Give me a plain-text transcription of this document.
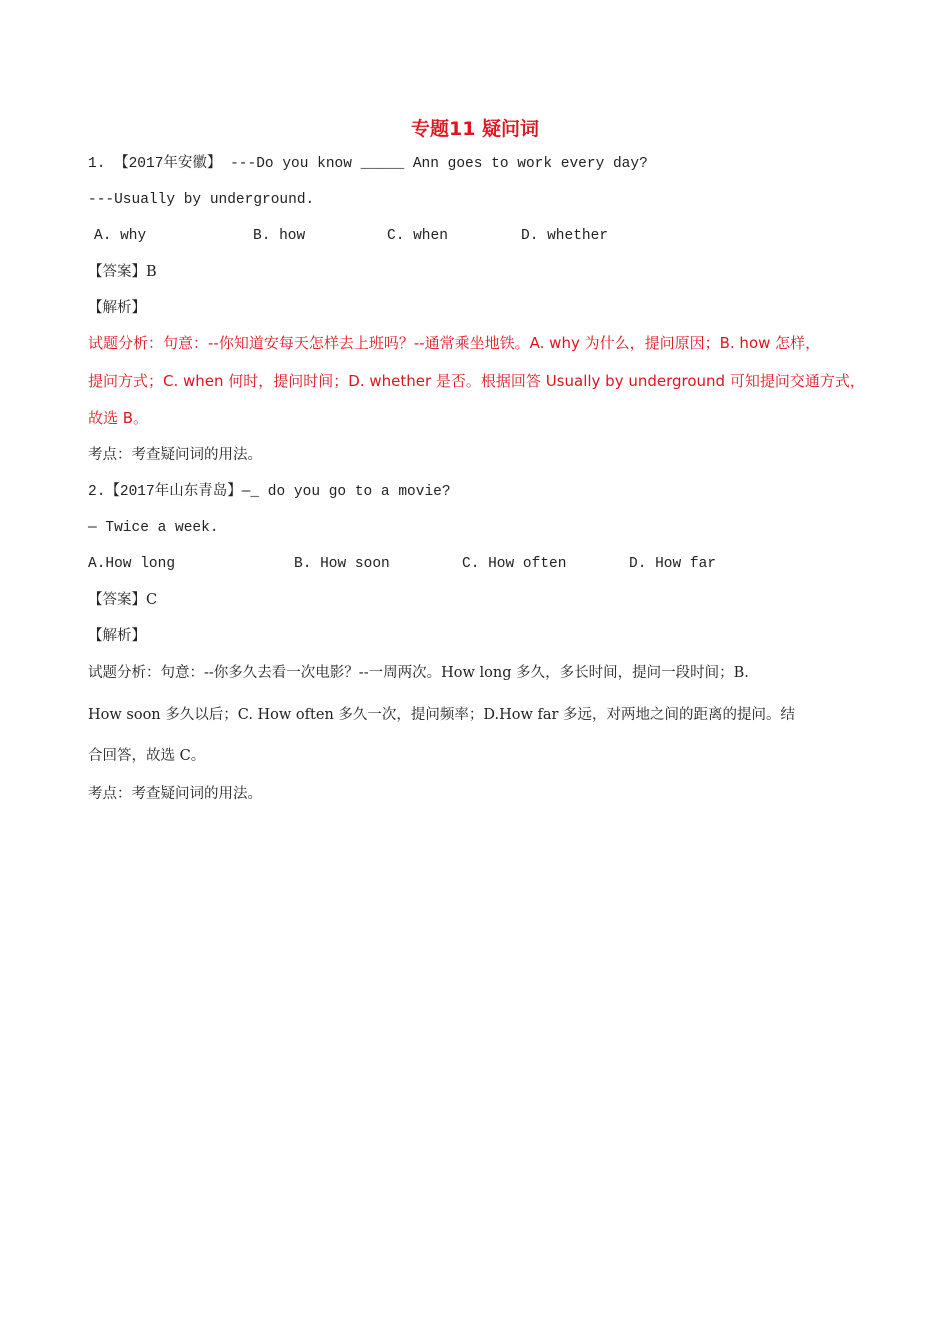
专题11 疑问词
1. 【2017年安徽】 ---Do you know _____ Ann goes to work every day?
---Usually by underground.
A. why	B. how	C. when	D. whether
【答案】B
【解析】
试题分析：句意：--你知道安每天怎样去上班吗？--通常乘坐地铁。A. why 为什么，提问原因；B. how 怎样，
提问方式；C. when 何时，提问时间；D. whether 是否。根据回答 Usually by underground 可知提问交通方式，
故选 B。
考点：考查疑问词的用法。
2.【2017年山东青岛】—_ do you go to a movie?
— Twice a week.
A.How long	B. How soon	C. How often	D. How far
【答案】C
【解析】
试题分析：句意：--你多久去看一次电影？--一周两次。How long 多久，多长时间，提问一段时间；B.
How soon 多久以后；C. How often 多久一次，提问频率；D.How far 多远，对两地之间的距离的提问。结
合回答，故选 C。
考点：考查疑问词的用法。
